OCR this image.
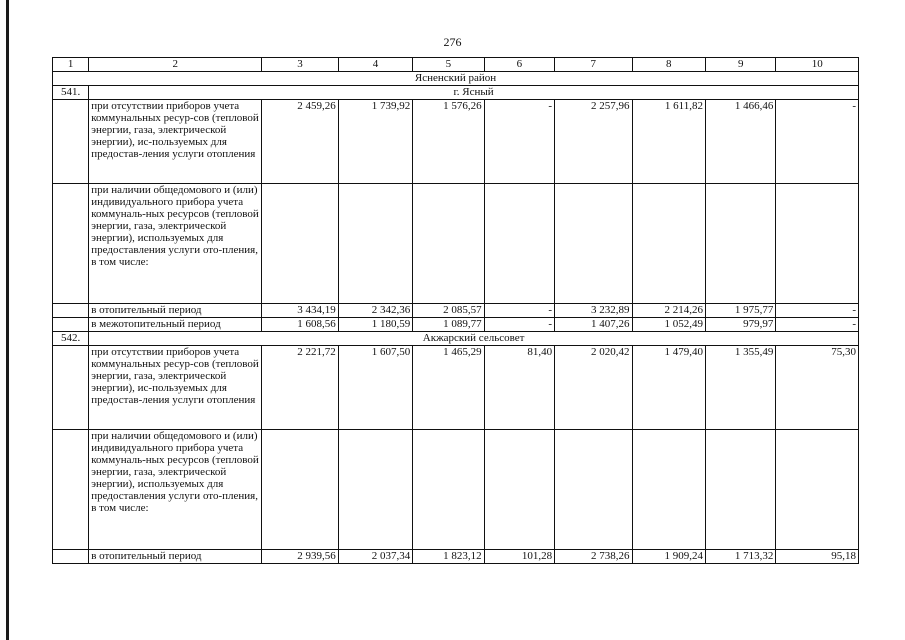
276
1	2	3	4	5	6	7	8	9	10
Ясненский район									
541.	г. Ясный								
	при отсутствии приборов учета коммунальных ресур-сов (тепловой энергии, газа, электрической энергии), ис-пользуемых для предостав-ления услуги отопления	2 459,26	1 739,92	1 576,26	-	2 257,96	1 611,82	1 466,46	-
	при наличии общедомового и (или) индивидуального прибора учета коммуналь-ных ресурсов (тепловой энергии, газа, электрической энергии), используемых для предоставления услуги ото-пления, в том числе:								
	в отопительный период	3 434,19	2 342,36	2 085,57	-	3 232,89	2 214,26	1 975,77	-
	в межотопительный период	1 608,56	1 180,59	1 089,77	-	1 407,26	1 052,49	979,97	-
542.	Акжарский сельсовет								
	при отсутствии приборов учета коммунальных ресур-сов (тепловой энергии, газа, электрической энергии), ис-пользуемых для предостав-ления услуги отопления	2 221,72	1 607,50	1 465,29	81,40	2 020,42	1 479,40	1 355,49	75,30
	при наличии общедомового и (или) индивидуального прибора учета коммуналь-ных ресурсов (тепловой энергии, газа, электрической энергии), используемых для предоставления услуги ото-пления, в том числе:								
	в отопительный период	2 939,56	2 037,34	1 823,12	101,28	2 738,26	1 909,24	1 713,32	95,18
